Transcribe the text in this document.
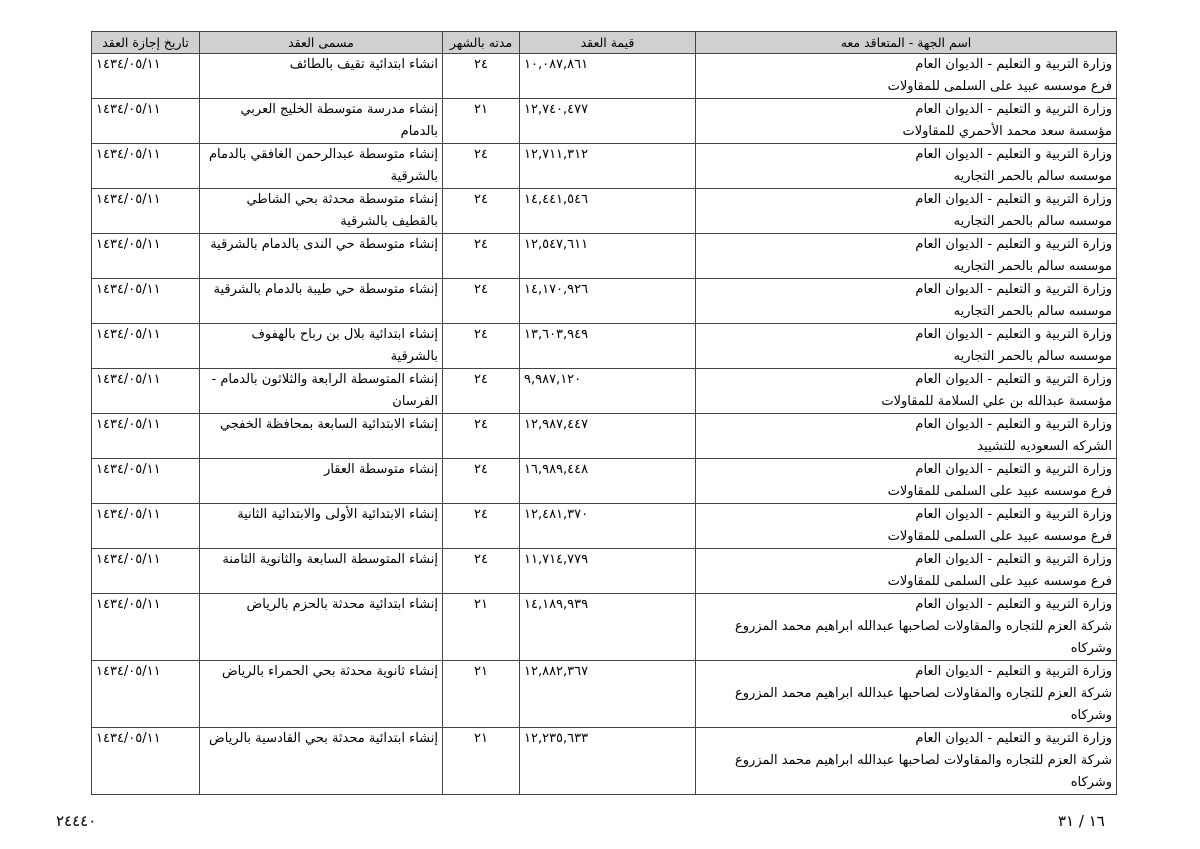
اسم الجهة - المتعاقد معه	قيمة العقد	مدته بالشهر	مسمى العقد	تاريخ إجازة العقد

وزارة التربية و التعليم - الديوان العام
فرع موسسه عبيد على السلمى للمقاولات	١٠,٠٨٧,٨٦١	٢٤	انشاء ابتدائية تقيف بالطائف	١٤٣٤/٠٥/١١

وزارة التربية و التعليم - الديوان العام
مؤسسة سعد محمد الأحمري للمقاولات	١٢,٧٤٠,٤٧٧	٢١	إنشاء مدرسة متوسطة الخليج العربي بالدمام	١٤٣٤/٠٥/١١

وزارة التربية و التعليم - الديوان العام
موسسه سالم بالحمر التجاريه	١٢,٧١١,٣١٢	٢٤	إنشاء متوسطة عبدالرحمن الغافقي بالدمام بالشرقية	١٤٣٤/٠٥/١١

وزارة التربية و التعليم - الديوان العام
موسسه سالم بالحمر التجاريه	١٤,٤٤١,٥٤٦	٢٤	إنشاء متوسطة محدثة بحي الشاطي بالقطيف بالشرقية	١٤٣٤/٠٥/١١

وزارة التربية و التعليم - الديوان العام
موسسه سالم بالحمر التجاريه	١٢,٥٤٧,٦١١	٢٤	إنشاء متوسطة حي الندى بالدمام بالشرقية	١٤٣٤/٠٥/١١

وزارة التربية و التعليم - الديوان العام
موسسه سالم بالحمر التجاريه	١٤,١٧٠,٩٢٦	٢٤	إنشاء متوسطة حي طيبة بالدمام بالشرقية	١٤٣٤/٠٥/١١

وزارة التربية و التعليم - الديوان العام
موسسه سالم بالحمر التجاريه	١٣,٦٠٣,٩٤٩	٢٤	إنشاء ابتدائية بلال بن رباح بالهفوف بالشرقية	١٤٣٤/٠٥/١١

وزارة التربية و التعليم - الديوان العام
مؤسسة عبدالله بن علي السلامة للمقاولات	٩,٩٨٧,١٢٠	٢٤	إنشاء المتوسطة الرابعة والثلاثون بالدمام - الفرسان	١٤٣٤/٠٥/١١

وزارة التربية و التعليم - الديوان العام
الشركه السعوديه للتشييد	١٢,٩٨٧,٤٤٧	٢٤	إنشاء الابتدائية السابعة بمحافظة الخفجي	١٤٣٤/٠٥/١١

وزارة التربية و التعليم - الديوان العام
فرع موسسه عبيد على السلمى للمقاولات	١٦,٩٨٩,٤٤٨	٢٤	إنشاء متوسطة العقار	١٤٣٤/٠٥/١١

وزارة التربية و التعليم - الديوان العام
فرع موسسه عبيد على السلمى للمقاولات	١٢,٤٨١,٣٧٠	٢٤	إنشاء الابتدائية الأولى والابتدائية الثانية	١٤٣٤/٠٥/١١

وزارة التربية و التعليم - الديوان العام
فرع موسسه عبيد على السلمى للمقاولات	١١,٧١٤,٧٧٩	٢٤	إنشاء المتوسطة السابعة والثانوية الثامنة	١٤٣٤/٠٥/١١

وزارة التربية و التعليم - الديوان العام
شركة العزم للتجاره والمقاولات لصاحبها عبدالله ابراهيم محمد المزروع
وشركاه	١٤,١٨٩,٩٣٩	٢١	إنشاء ابتدائية محدثة بالحزم بالرياض	١٤٣٤/٠٥/١١

وزارة التربية و التعليم - الديوان العام
شركة العزم للتجاره والمقاولات لصاحبها عبدالله ابراهيم محمد المزروع
وشركاه	١٢,٨٨٢,٣٦٧	٢١	إنشاء ثانوية محدثة بحي الحمراء بالرياض	١٤٣٤/٠٥/١١

وزارة التربية و التعليم - الديوان العام
شركة العزم للتجاره والمقاولات لصاحبها عبدالله ابراهيم محمد المزروع
وشركاه	١٢,٢٣٥,٦٣٣	٢١	إنشاء ابتدائية محدثة بحي القادسية بالرياض	١٤٣٤/٠٥/١١
٢٤٤٤٠	١٦ / ٣١
